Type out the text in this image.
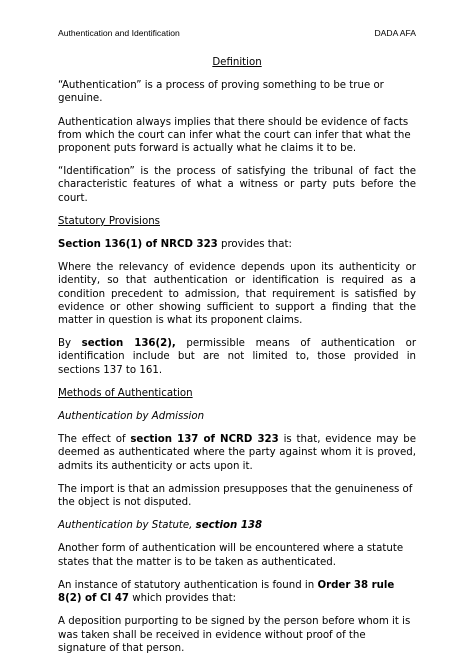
Authentication and Identification	DADA AFA

Definition

“Authentication” is a process of proving something to be true or genuine.

Authentication always implies that there should be evidence of facts from which the court can infer what the court can infer that what the proponent puts forward is actually what he claims it to be.

“Identification” is the process of satisfying the tribunal of fact the characteristic features of what a witness or party puts before the court.

Statutory Provisions

Section 136(1) of NRCD 323 provides that:

Where the relevancy of evidence depends upon its authenticity or identity, so that authentication or identification is required as a condition precedent to admission, that requirement is satisfied by evidence or other showing sufficient to support a finding that the matter in question is what its proponent claims.

By section 136(2), permissible means of authentication or identification include but are not limited to, those provided in sections 137 to 161.

Methods of Authentication

Authentication by Admission

The effect of section 137 of NCRD 323 is that, evidence may be deemed as authenticated where the party against whom it is proved, admits its authenticity or acts upon it.

The import is that an admission presupposes that the genuineness of the object is not disputed.

Authentication by Statute, section 138

Another form of authentication will be encountered where a statute states that the matter is to be taken as authenticated.

An instance of statutory authentication is found in Order 38 rule 8(2) of CI 47 which provides that:

A deposition purporting to be signed by the person before whom it is was taken shall be received in evidence without proof of the signature of that person.
